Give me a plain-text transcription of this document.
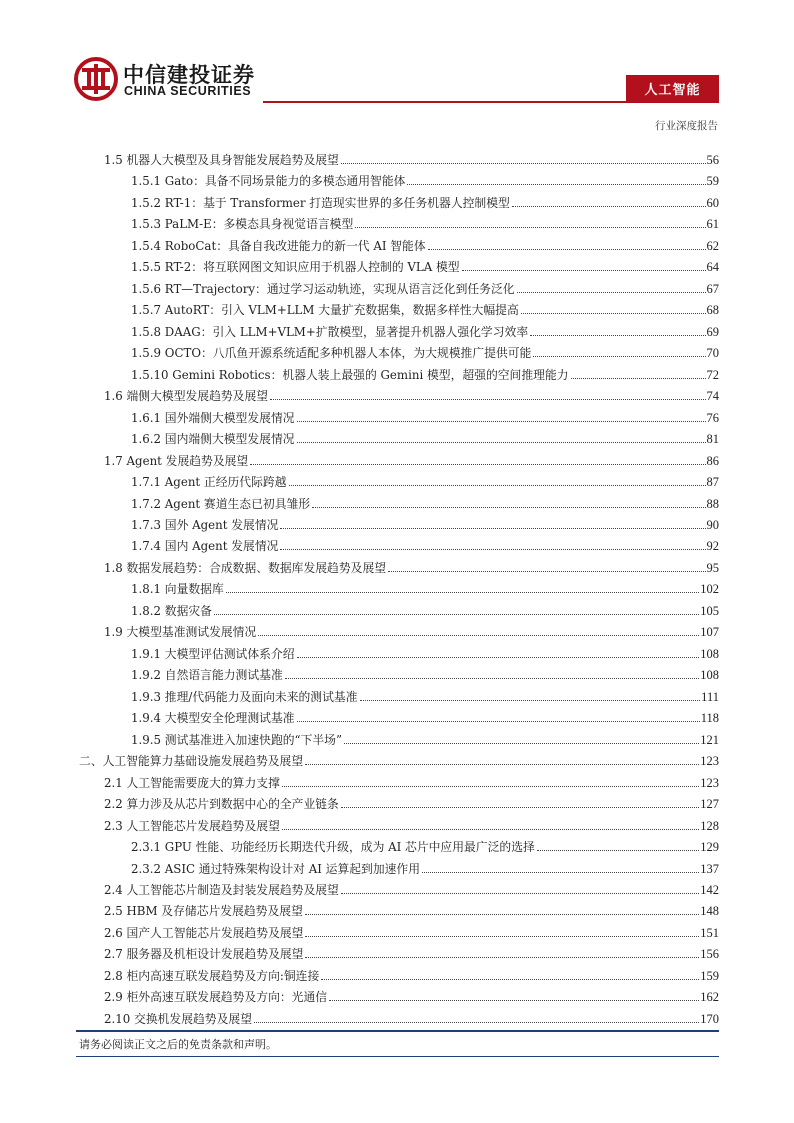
中信建投证券
CHINA SECURITIES	人工智能
行业深度报告
1.5 机器人大模型及具身智能发展趋势及展望	56
1.5.1 Gato：具备不同场景能力的多模态通用智能体	59
1.5.2 RT-1：基于 Transformer 打造现实世界的多任务机器人控制模型	60
1.5.3 PaLM-E：多模态具身视觉语言模型	61
1.5.4 RoboCat：具备自我改进能力的新一代 AI 智能体	62
1.5.5 RT-2：将互联网图文知识应用于机器人控制的 VLA 模型	64
1.5.6 RT—Trajectory：通过学习运动轨迹，实现从语言泛化到任务泛化	67
1.5.7 AutoRT：引入 VLM+LLM 大量扩充数据集，数据多样性大幅提高	68
1.5.8 DAAG：引入 LLM+VLM+扩散模型，显著提升机器人强化学习效率	69
1.5.9 OCTO：八爪鱼开源系统适配多种机器人本体，为大规模推广提供可能	70
1.5.10 Gemini Robotics：机器人装上最强的 Gemini 模型，超强的空间推理能力	72
1.6 端侧大模型发展趋势及展望	74
1.6.1 国外端侧大模型发展情况	76
1.6.2 国内端侧大模型发展情况	81
1.7 Agent 发展趋势及展望	86
1.7.1 Agent 正经历代际跨越	87
1.7.2 Agent 赛道生态已初具雏形	88
1.7.3 国外 Agent 发展情况	90
1.7.4 国内 Agent 发展情况	92
1.8 数据发展趋势：合成数据、数据库发展趋势及展望	95
1.8.1 向量数据库	102
1.8.2 数据灾备	105
1.9 大模型基准测试发展情况	107
1.9.1 大模型评估测试体系介绍	108
1.9.2 自然语言能力测试基准	108
1.9.3 推理/代码能力及面向未来的测试基准	111
1.9.4 大模型安全伦理测试基准	118
1.9.5 测试基准进入加速快跑的“下半场”	121
二、人工智能算力基础设施发展趋势及展望	123
2.1 人工智能需要庞大的算力支撑	123
2.2 算力涉及从芯片到数据中心的全产业链条	127
2.3 人工智能芯片发展趋势及展望	128
2.3.1 GPU 性能、功能经历长期迭代升级，成为 AI 芯片中应用最广泛的选择	129
2.3.2 ASIC 通过特殊架构设计对 AI 运算起到加速作用	137
2.4 人工智能芯片制造及封装发展趋势及展望	142
2.5 HBM 及存储芯片发展趋势及展望	148
2.6 国产人工智能芯片发展趋势及展望	151
2.7 服务器及机柜设计发展趋势及展望	156
2.8 柜内高速互联发展趋势及方向:铜连接	159
2.9 柜外高速互联发展趋势及方向：光通信	162
2.10 交换机发展趋势及展望	170
请务必阅读正文之后的免责条款和声明。
